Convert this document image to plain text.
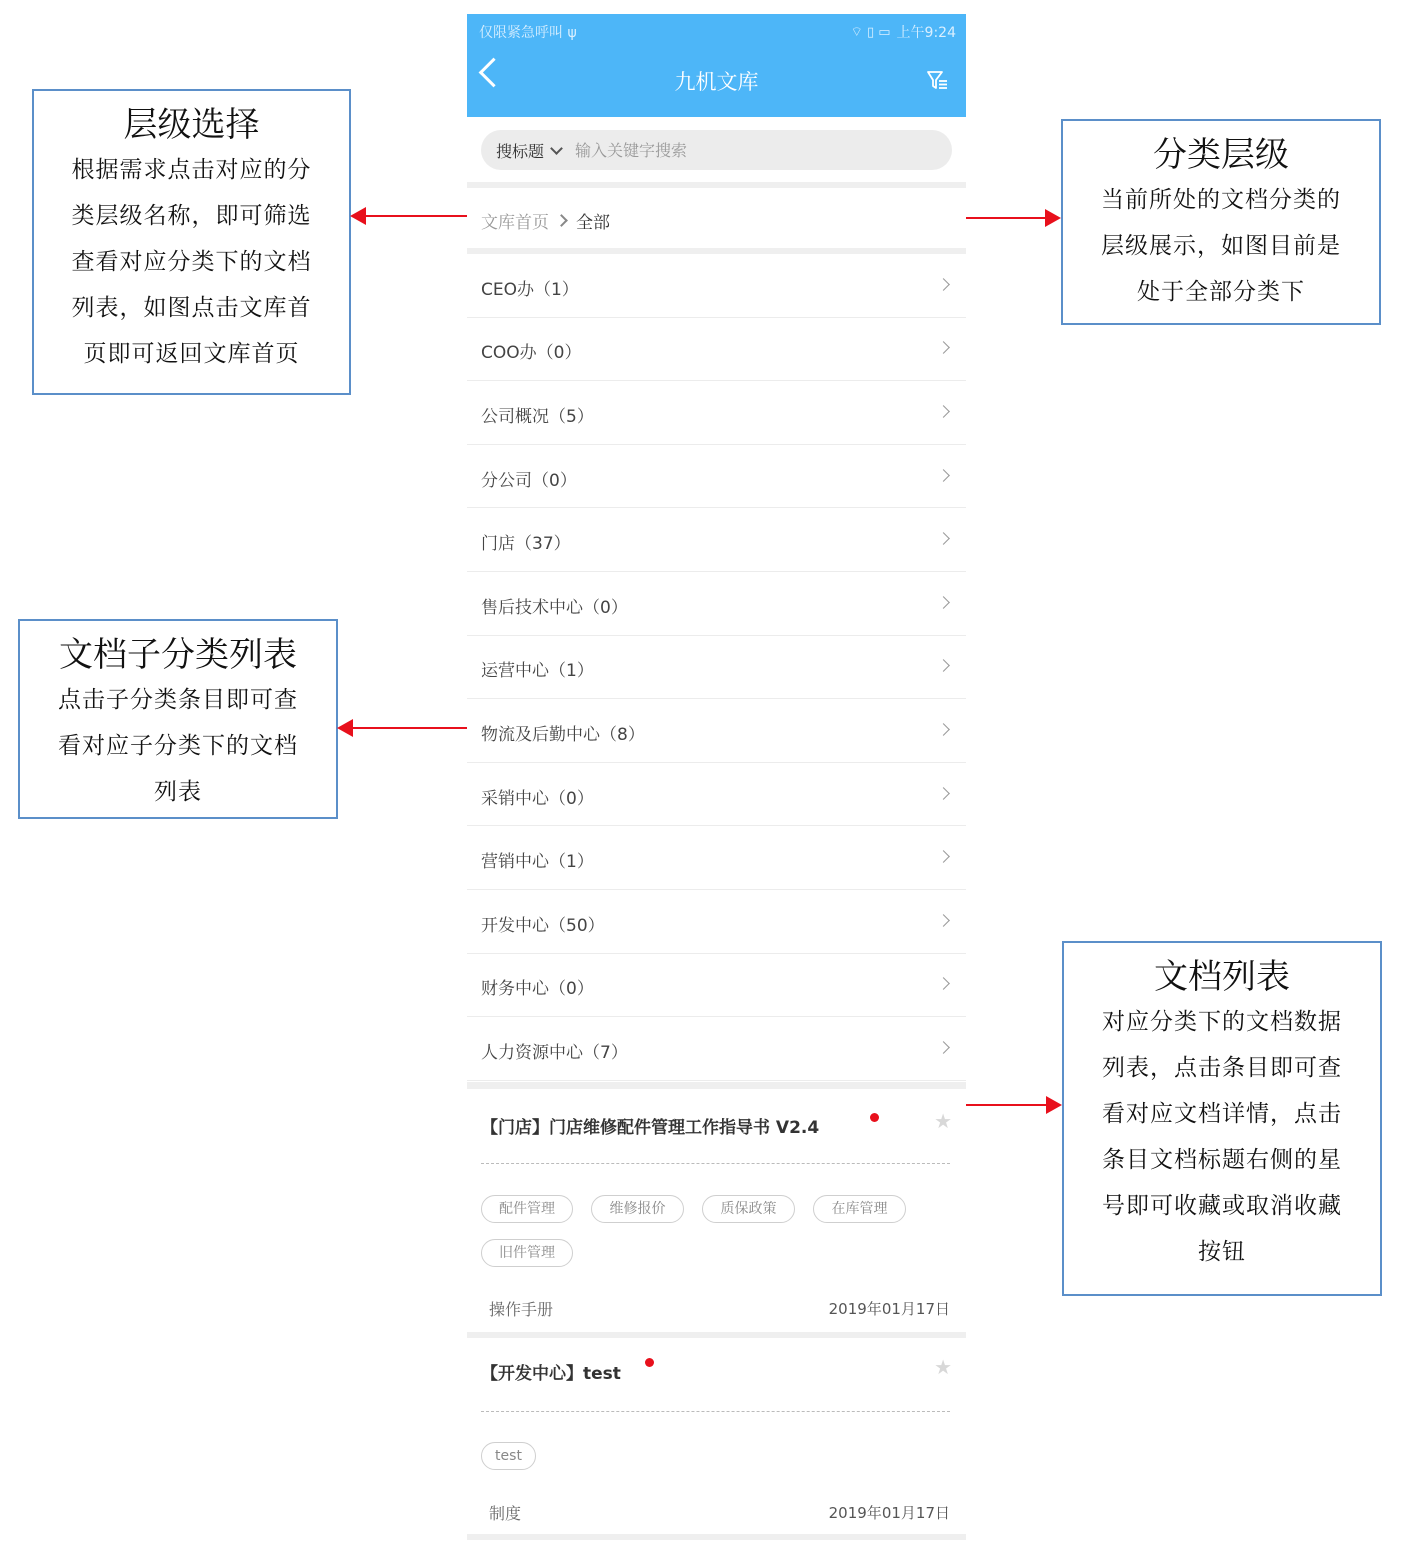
层级选择
根据需求点击对应的分
类层级名称，即可筛选
查看对应分类下的文档
列表，如图点击文库首
页即可返回文库首页
分类层级
当前所处的文档分类的
层级展示，如图目前是
处于全部分类下
文档子分类列表
点击子分类条目即可查
看对应子分类下的文档
列表
文档列表
对应分类下的文档数据
列表，点击条目即可查
看对应文档详情，点击
条目文档标题右侧的星
号即可收藏或取消收藏
按钮
仅限紧急呼叫 ψ	⌔ ▯ ▭ 上午9:24
九机文库
搜标题
输入关键字搜索
文库首页 全部
CEO办（1）
COO办（0）
公司概况（5）
分公司（0）
门店（37）
售后技术中心（0）
运营中心（1）
物流及后勤中心（8）
采销中心（0）
营销中心（1）
开发中心（50）
财务中心（0）
人力资源中心（7）
【门店】门店维修配件管理工作指导书 V2.4	★
配件管理	维修报价	质保政策	在库管理
旧件管理
操作手册	2019年01月17日
【开发中心】test	★
test
制度	2019年01月17日
